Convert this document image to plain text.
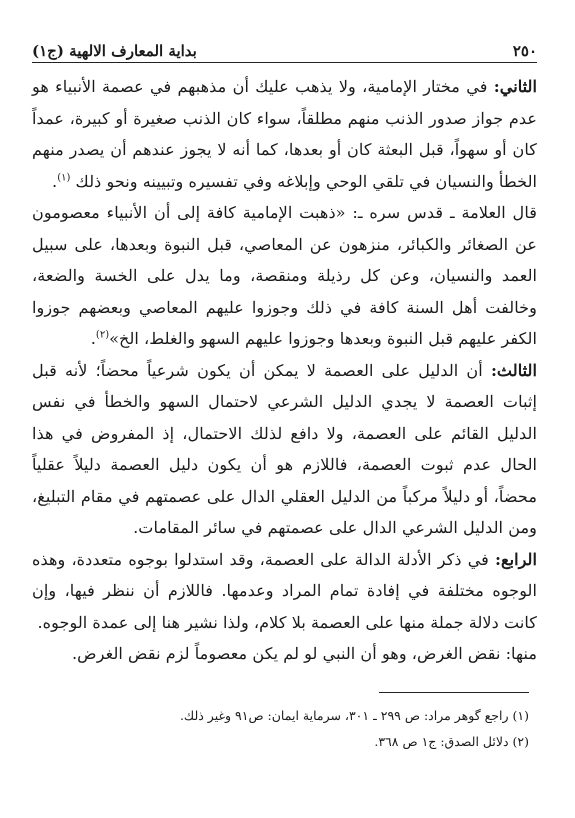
٢٥٠
بداية المعارف الالهية (ج١)

الثاني: في مختار الإمامية، ولا يذهب عليك أن مذهبهم في عصمة الأنبياء هو عدم جواز صدور الذنب منهم مطلقاً، سواء كان الذنب صغيرة أو كبيرة، عمداً كان أو سهواً، قبل البعثة كان أو بعدها، كما أنه لا يجوز عندهم أن يصدر منهم الخطأ والنسيان في تلقي الوحي وإبلاغه وفي تفسيره وتبيينه ونحو ذلك $^{(١)}$.

قال العلامة ـ قدس سره ـ: «ذهبت الإمامية كافة إلى أن الأنبياء معصومون عن الصغائر والكبائر، منزهون عن المعاصي، قبل النبوة وبعدها، على سبيل العمد والنسيان، وعن كل رذيلة ومنقصة، وما يدل على الخسة والضعة، وخالفت أهل السنة كافة في ذلك وجوزوا عليهم المعاصي وبعضهم جوزوا الكفر عليهم قبل النبوة وبعدها وجوزوا عليهم السهو والغلط، الخ»$^{(٢)}$.

الثالث: أن الدليل على العصمة لا يمكن أن يكون شرعياً محضاً؛ لأنه قبل إثبات العصمة لا يجدي الدليل الشرعي لاحتمال السهو والخطأ في نفس الدليل القائم على العصمة، ولا دافع لذلك الاحتمال، إذ المفروض في هذا الحال عدم ثبوت العصمة، فاللازم هو أن يكون دليل العصمة دليلاً عقلياً محضاً، أو دليلاً مركباً من الدليل العقلي الدال على عصمتهم في مقام التبليغ، ومن الدليل الشرعي الدال على عصمتهم في سائر المقامات.

الرابع: في ذكر الأدلة الدالة على العصمة، وقد استدلوا بوجوه متعددة، وهذه الوجوه مختلفة في إفادة تمام المراد وعدمها. فاللازم أن ننظر فيها، وإن كانت دلالة جملة منها على العصمة بلا كلام، ولذا نشير هنا إلى عمدة الوجوه.

منها: نقض الغرض، وهو أن النبي لو لم يكن معصوماً لزم نقض الغرض.

(١) راجع گوهر مراد: ص ٢٩٩ ـ ٣٠١، سرماية ايمان: ص٩١ وغير ذلك.

(٢) دلائل الصدق: ج١ ص ٣٦٨.
